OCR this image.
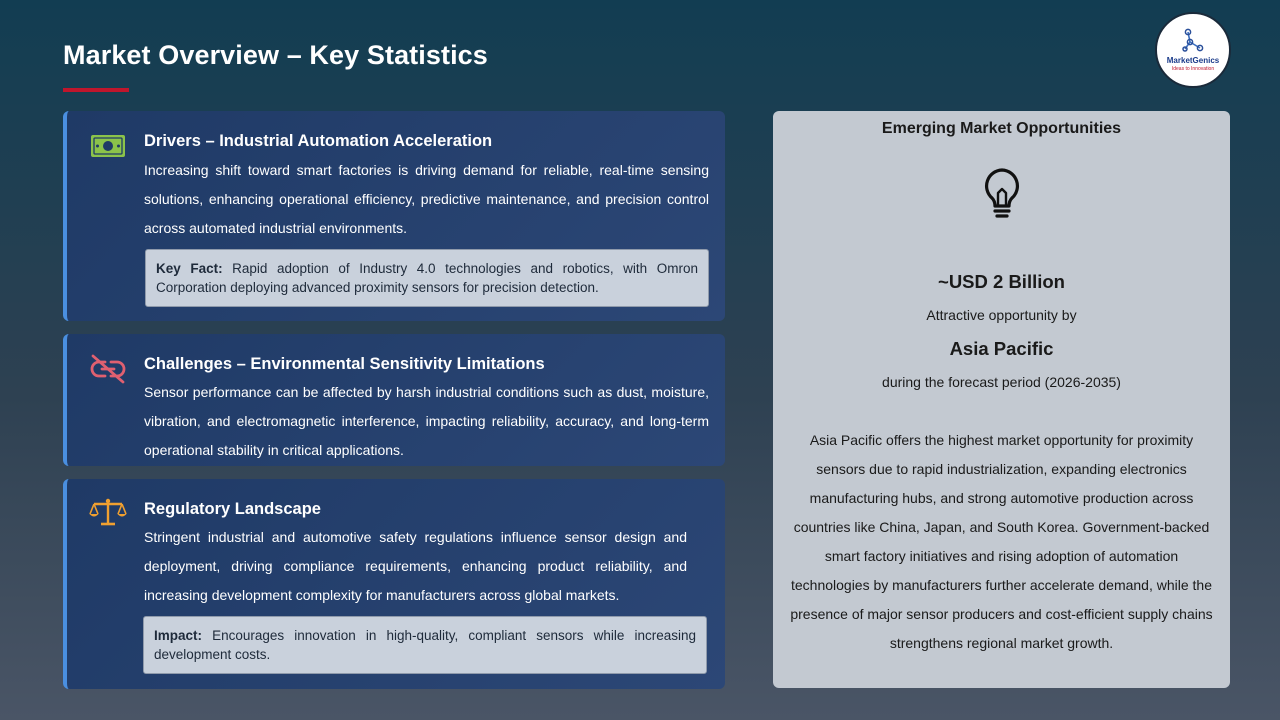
Market Overview – Key Statistics	MarketGenics
Ideas to Innovation
Drivers – Industrial Automation Acceleration
Increasing shift toward smart factories is driving demand for reliable, real-time sensing solutions, enhancing operational efficiency, predictive maintenance, and precision control across automated industrial environments.
Key Fact: Rapid adoption of Industry 4.0 technologies and robotics, with Omron Corporation deploying advanced proximity sensors for precision detection.
Challenges – Environmental Sensitivity Limitations
Sensor performance can be affected by harsh industrial conditions such as dust, moisture, vibration, and electromagnetic interference, impacting reliability, accuracy, and long-term operational stability in critical applications.
Regulatory Landscape
Stringent industrial and automotive safety regulations influence sensor design and deployment, driving compliance requirements, enhancing product reliability, and increasing development complexity for manufacturers across global markets.
Impact: Encourages innovation in high-quality, compliant sensors while increasing development costs.
Emerging Market Opportunities
~USD 2 Billion
Attractive opportunity by
Asia Pacific
during the forecast period (2026-2035)
Asia Pacific offers the highest market opportunity for proximity sensors due to rapid industrialization, expanding electronics manufacturing hubs, and strong automotive production across countries like China, Japan, and South Korea. Government-backed smart factory initiatives and rising adoption of automation technologies by manufacturers further accelerate demand, while the presence of major sensor producers and cost-efficient supply chains strengthens regional market growth.
